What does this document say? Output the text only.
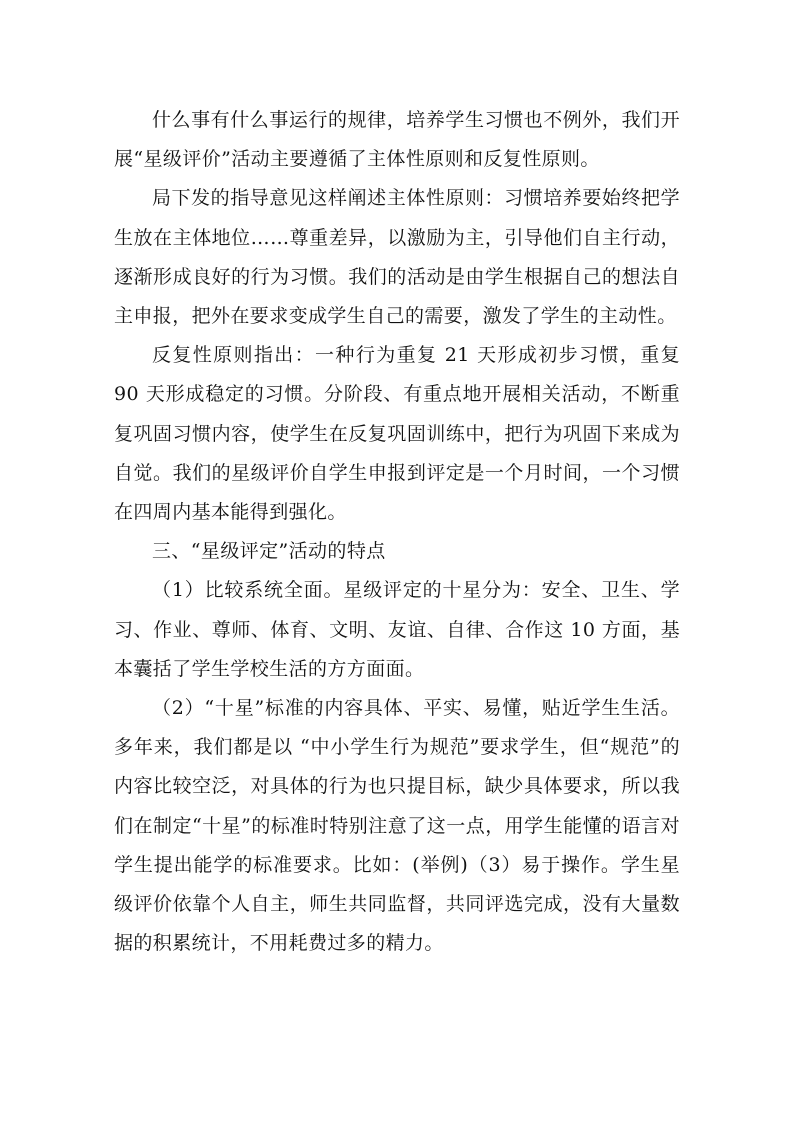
什么事有什么事运行的规律，培养学生习惯也不例外，我们开展“星级评价”活动主要遵循了主体性原则和反复性原则。

局下发的指导意见这样阐述主体性原则：习惯培养要始终把学生放在主体地位……尊重差异，以激励为主，引导他们自主行动，逐渐形成良好的行为习惯。我们的活动是由学生根据自己的想法自主申报，把外在要求变成学生自己的需要，激发了学生的主动性。

反复性原则指出：一种行为重复 21 天形成初步习惯，重复 90 天形成稳定的习惯。分阶段、有重点地开展相关活动，不断重复巩固习惯内容，使学生在反复巩固训练中，把行为巩固下来成为自觉。我们的星级评价自学生申报到评定是一个月时间，一个习惯在四周内基本能得到强化。

三、“星级评定”活动的特点

（1）比较系统全面。星级评定的十星分为：安全、卫生、学习、作业、尊师、体育、文明、友谊、自律、合作这 10 方面，基本囊括了学生学校生活的方方面面。

（2）“十星”标准的内容具体、平实、易懂，贴近学生生活。多年来，我们都是以 “中小学生行为规范”要求学生，但“规范”的内容比较空泛，对具体的行为也只提目标，缺少具体要求，所以我们在制定“十星”的标准时特别注意了这一点，用学生能懂的语言对学生提出能学的标准要求。比如：(举例)（3）易于操作。学生星级评价依靠个人自主，师生共同监督，共同评选完成，没有大量数据的积累统计，不用耗费过多的精力。
